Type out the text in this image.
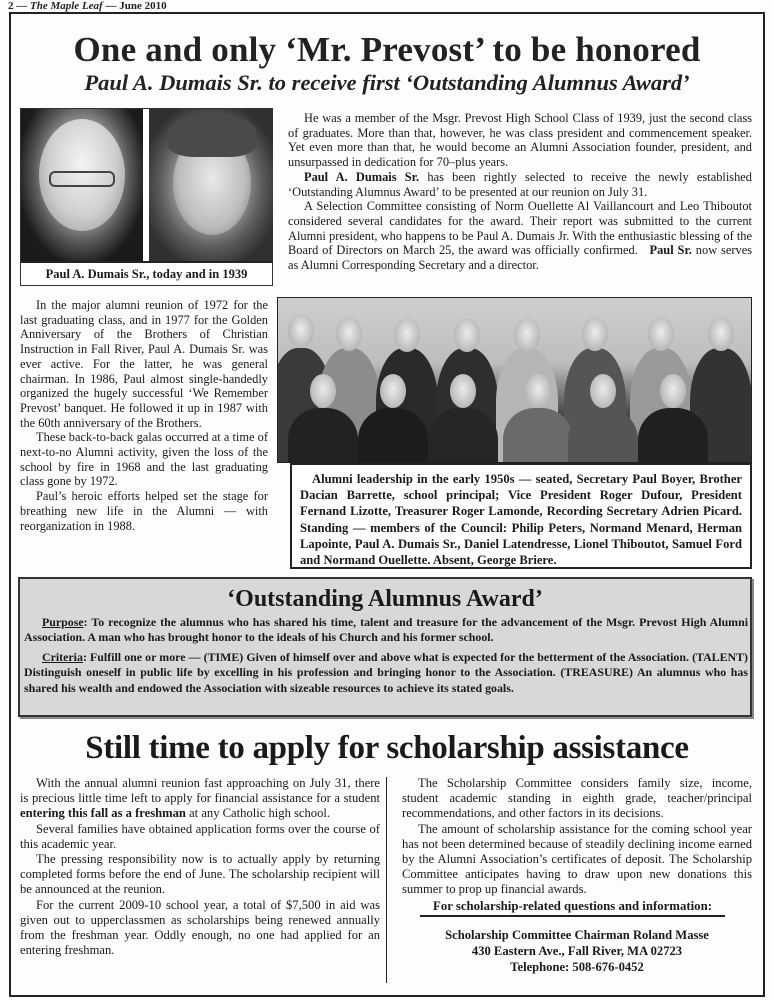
2 — The Maple Leaf — June 2010
One and only ‘Mr. Prevost’ to be honored
Paul A. Dumais Sr. to receive first ‘Outstanding Alumnus Award’
Paul A. Dumais Sr., today and in 1939

He was a member of the Msgr. Prevost High School Class of 1939, just the second class of graduates. More than that, however, he was class president and commencement speaker. Yet even more than that, he would become an Alumni Association founder, president, and unsurpassed in dedication for 70–plus years.

Paul A. Dumais Sr. has been rightly selected to receive the newly established ‘Outstanding Alumnus Award’ to be presented at our reunion on July 31.

A Selection Committee consisting of Norm Ouellette Al Vaillancourt and Leo Thiboutot considered several candidates for the award. Their report was submitted to the current Alumni president, who happens to be Paul A. Dumais Jr. With the enthusiastic blessing of the Board of Directors on March 25, the award was officially confirmed. Paul Sr. now serves as Alumni Corresponding Secretary and a director.

In the major alumni reunion of 1972 for the last graduating class, and in 1977 for the Golden Anniversary of the Brothers of Christian Instruction in Fall River, Paul A. Dumais Sr. was ever active. For the latter, he was general chairman. In 1986, Paul almost single-handedly organized the hugely successful ‘We Remember Prevost’ banquet. He followed it up in 1987 with the 60th anniversary of the Brothers.

These back-to-back galas occurred at a time of next-to-no Alumni activity, given the loss of the school by fire in 1968 and the last graduating class gone by 1972.

Paul’s heroic efforts helped set the stage for breathing new life in the Alumni — with reorganization in 1988.

Alumni leadership in the early 1950s — seated, Secretary Paul Boyer, Brother Dacian Barrette, school principal; Vice President Roger Dufour, President Fernand Lizotte, Treasurer Roger Lamonde, Recording Secretary Adrien Picard. Standing — members of the Council: Philip Peters, Normand Menard, Herman Lapointe, Paul A. Dumais Sr., Daniel Latendresse, Lionel Thiboutot, Samuel Ford and Normand Ouellette. Absent, George Briere.
‘Outstanding Alumnus Award’

Purpose: To recognize the alumnus who has shared his time, talent and treasure for the advancement of the Msgr. Prevost High Alumni Association. A man who has brought honor to the ideals of his Church and his former school.

Criteria: Fulfill one or more — (TIME) Given of himself over and above what is expected for the betterment of the Association. (TALENT) Distinguish oneself in public life by excelling in his profession and bringing honor to the Association. (TREASURE) An alumnus who has shared his wealth and endowed the Association with sizeable resources to achieve its stated goals.

Still time to apply for scholarship assistance

With the annual alumni reunion fast approaching on July 31, there is precious little time left to apply for financial assistance for a student entering this fall as a freshman at any Catholic high school.

Several families have obtained application forms over the course of this academic year.

The pressing responsibility now is to actually apply by returning completed forms before the end of June. The scholarship recipient will be announced at the reunion.

For the current 2009-10 school year, a total of $7,500 in aid was given out to upperclassmen as scholarships being renewed annually from the freshman year. Oddly enough, no one had applied for an entering freshman.

The Scholarship Committee considers family size, income, student academic standing in eighth grade, teacher/principal recommendations, and other factors in its decisions.

The amount of scholarship assistance for the coming school year has not been determined because of steadily declining income earned by the Alumni Association’s certificates of deposit. The Scholarship Committee anticipates having to draw upon new donations this summer to prop up financial awards.

For scholarship-related questions and information:
Scholarship Committee Chairman Roland Masse
430 Eastern Ave., Fall River, MA 02723
Telephone: 508-676-0452
